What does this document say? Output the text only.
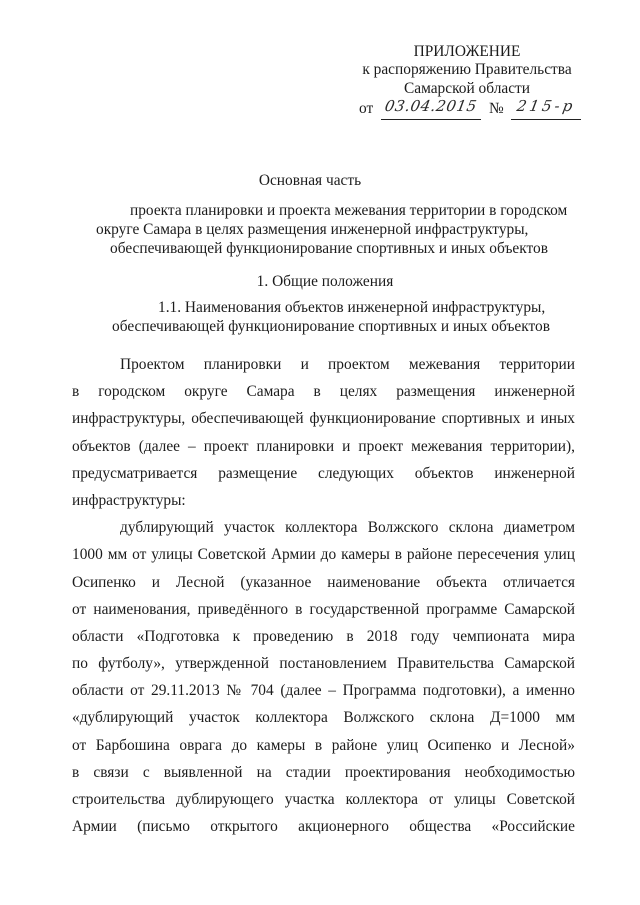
ПРИЛОЖЕНИЕ
к распоряжению Правительства
Самарской области
от 03.04.2015 № 215-р
Основная часть
проекта планировки и проекта межевания территории в городском
округе Самара в целях размещения инженерной инфраструктуры,
обеспечивающей функционирование спортивных и иных объектов
1. Общие положения
1.1. Наименования объектов инженерной инфраструктуры,
обеспечивающей функционирование спортивных и иных объектов
Проектом планировки и проектом межевания территории
в городском округе Самара в целях размещения инженерной
инфраструктуры, обеспечивающей функционирование спортивных и иных
объектов (далее – проект планировки и проект межевания территории),
предусматривается размещение следующих объектов инженерной
инфраструктуры:
дублирующий участок коллектора Волжского склона диаметром
1000 мм от улицы Советской Армии до камеры в районе пересечения улиц
Осипенко и Лесной (указанное наименование объекта отличается
от наименования, приведённого в государственной программе Самарской
области «Подготовка к проведению в 2018 году чемпионата мира
по футболу», утвержденной постановлением Правительства Самарской
области от 29.11.2013 № 704 (далее – Программа подготовки), а именно
«дублирующий участок коллектора Волжского склона Д=1000 мм
от Барбошина оврага до камеры в районе улиц Осипенко и Лесной»
в связи с выявленной на стадии проектирования необходимостью
строительства дублирующего участка коллектора от улицы Советской
Армии (письмо открытого акционерного общества «Российские
